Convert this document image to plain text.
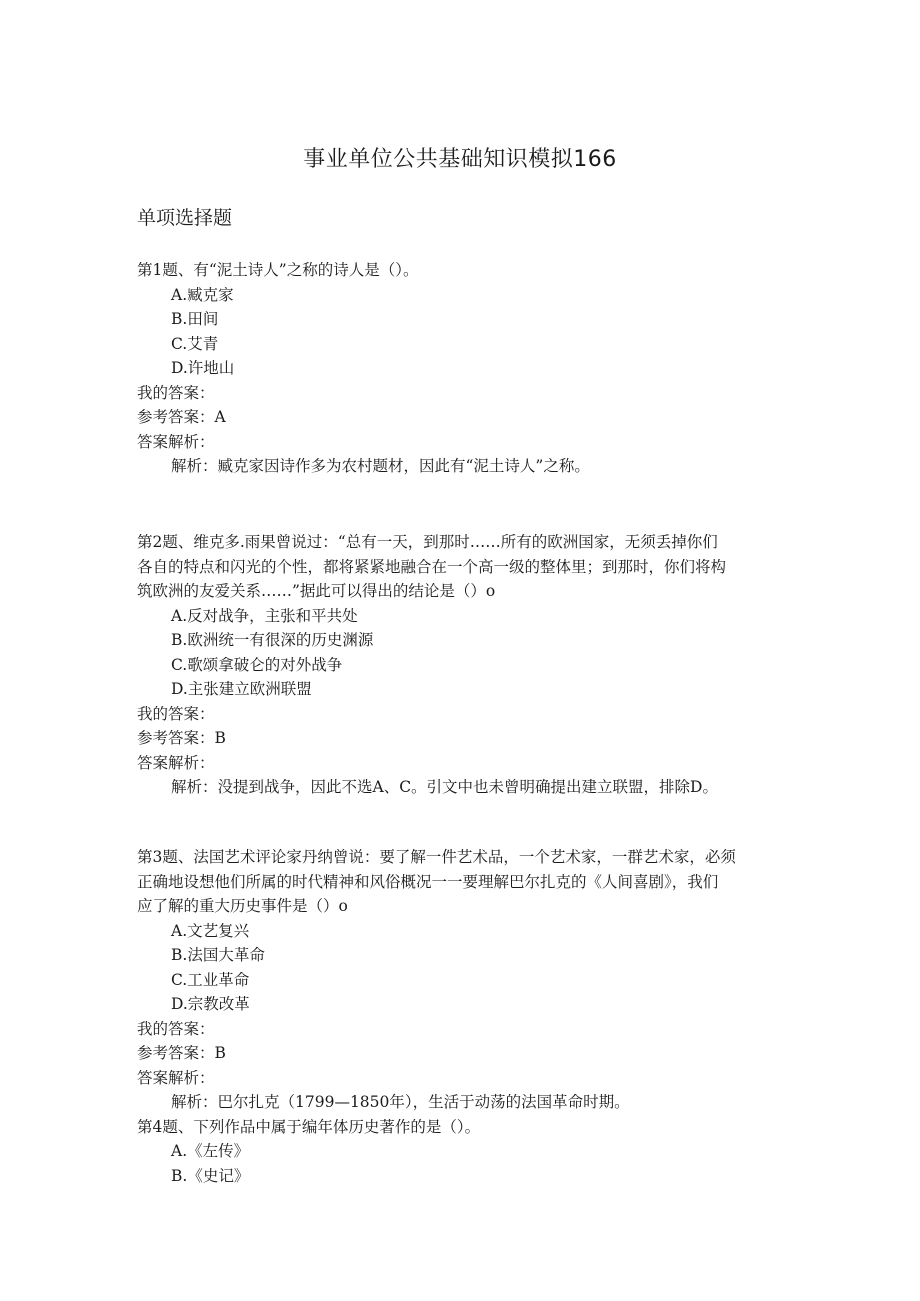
事业单位公共基础知识模拟166
单项选择题
第1题、有“泥土诗人”之称的诗人是（）。
A.臧克家
B.田间
C.艾青
D.许地山
我的答案：
参考答案：A
答案解析：
解析：臧克家因诗作多为农村题材，因此有“泥土诗人”之称。
第2题、维克多.雨果曾说过：“总有一天，到那时……所有的欧洲国家，无须丢掉你们
各自的特点和闪光的个性，都将紧紧地融合在一个高一级的整体里；到那时，你们将构
筑欧洲的友爱关系……”据此可以得出的结论是（）o
A.反对战争，主张和平共处
B.欧洲统一有很深的历史渊源
C.歌颂拿破仑的对外战争
D.主张建立欧洲联盟
我的答案：
参考答案：B
答案解析：
解析：没提到战争，因此不选A、C。引文中也未曾明确提出建立联盟，排除D。
第3题、法国艺术评论家丹纳曾说：要了解一件艺术品，一个艺术家，一群艺术家，必须
正确地设想他们所属的时代精神和风俗概况一一要理解巴尔扎克的《人间喜剧》，我们
应了解的重大历史事件是（）o
A.文艺复兴
B.法国大革命
C.工业革命
D.宗教改革
我的答案：
参考答案：B
答案解析：
解析：巴尔扎克（1799—1850年），生活于动荡的法国革命时期。
第4题、下列作品中属于编年体历史著作的是（）。
A.《左传》
B.《史记》
